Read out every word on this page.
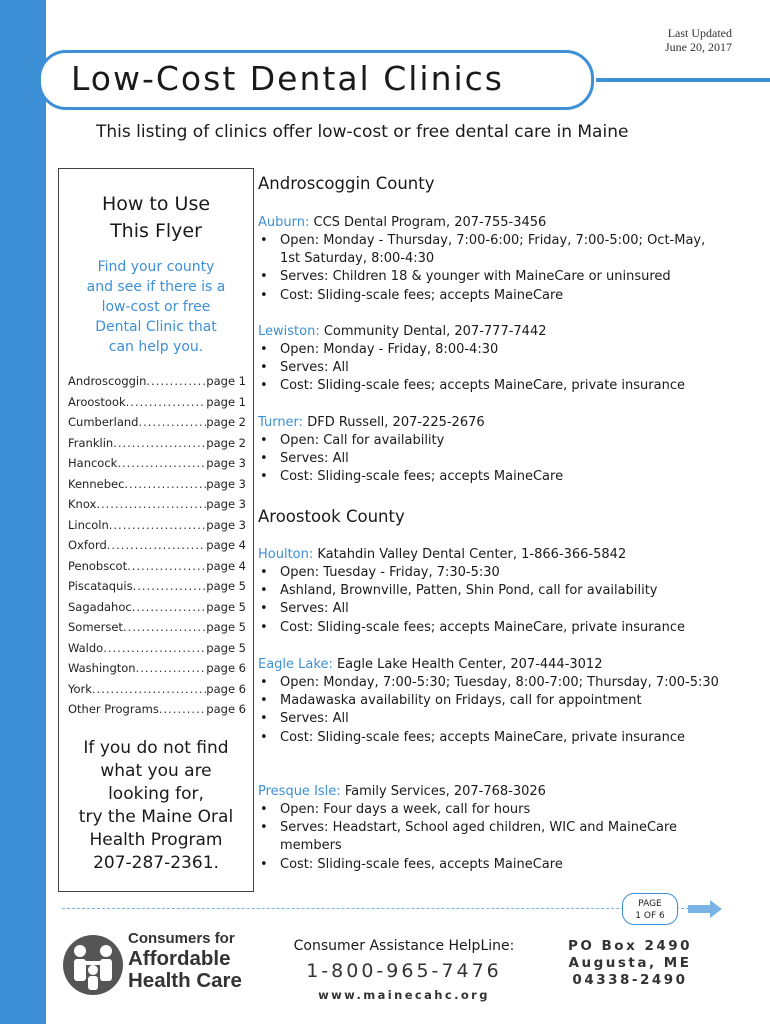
Last Updated
June 20, 2017
Low-Cost Dental Clinics
This listing of clinics offer low-cost or free dental care in Maine
How to Use
This Flyer
Find your county
and see if there is a
low-cost or free
Dental Clinic that
can help you.
Androscoggin .....	page 1
Aroostook .....	page 1
Cumberland .....	page 2
Franklin .....	page 2
Hancock .....	page 3
Kennebec .....	page 3
Knox .....	page 3
Lincoln .....	page 3
Oxford .....	page 4
Penobscot .....	page 4
Piscataquis .....	page 5
Sagadahoc .....	page 5
Somerset .....	page 5
Waldo .....	page 5
Washington .....	page 6
York .....	page 6
Other Programs .....	page 6
If you do not find
what you are
looking for,
try the Maine Oral
Health Program
207-287-2361.
Androscoggin County
Auburn: CCS Dental Program, 207-755-3456
• Open: Monday - Thursday, 7:00-6:00; Friday, 7:00-5:00; Oct-May, 1st Saturday, 8:00-4:30
• Serves: Children 18 & younger with MaineCare or uninsured
• Cost: Sliding-scale fees; accepts MaineCare
Lewiston: Community Dental, 207-777-7442
• Open: Monday - Friday, 8:00-4:30
• Serves: All
• Cost: Sliding-scale fees; accepts MaineCare, private insurance
Turner: DFD Russell, 207-225-2676
• Open: Call for availability
• Serves: All
• Cost: Sliding-scale fees; accepts MaineCare
Aroostook County
Houlton: Katahdin Valley Dental Center, 1-866-366-5842
• Open: Tuesday - Friday, 7:30-5:30
• Ashland, Brownville, Patten, Shin Pond, call for availability
• Serves: All
• Cost: Sliding-scale fees; accepts MaineCare, private insurance
Eagle Lake: Eagle Lake Health Center, 207-444-3012
• Open: Monday, 7:00-5:30; Tuesday, 8:00-7:00; Thursday, 7:00-5:30
• Madawaska availability on Fridays, call for appointment
• Serves: All
• Cost: Sliding-scale fees; accepts MaineCare, private insurance
Presque Isle: Family Services, 207-768-3026
• Open: Four days a week, call for hours
• Serves: Headstart, School aged children, WIC and MaineCare members
• Cost: Sliding-scale fees, accepts MaineCare
PAGE
1 OF 6
Consumers for
Affordable
Health Care
Consumer Assistance HelpLine:
1-800-965-7476
www.mainecahc.org
PO Box 2490
Augusta, ME
04338-2490
